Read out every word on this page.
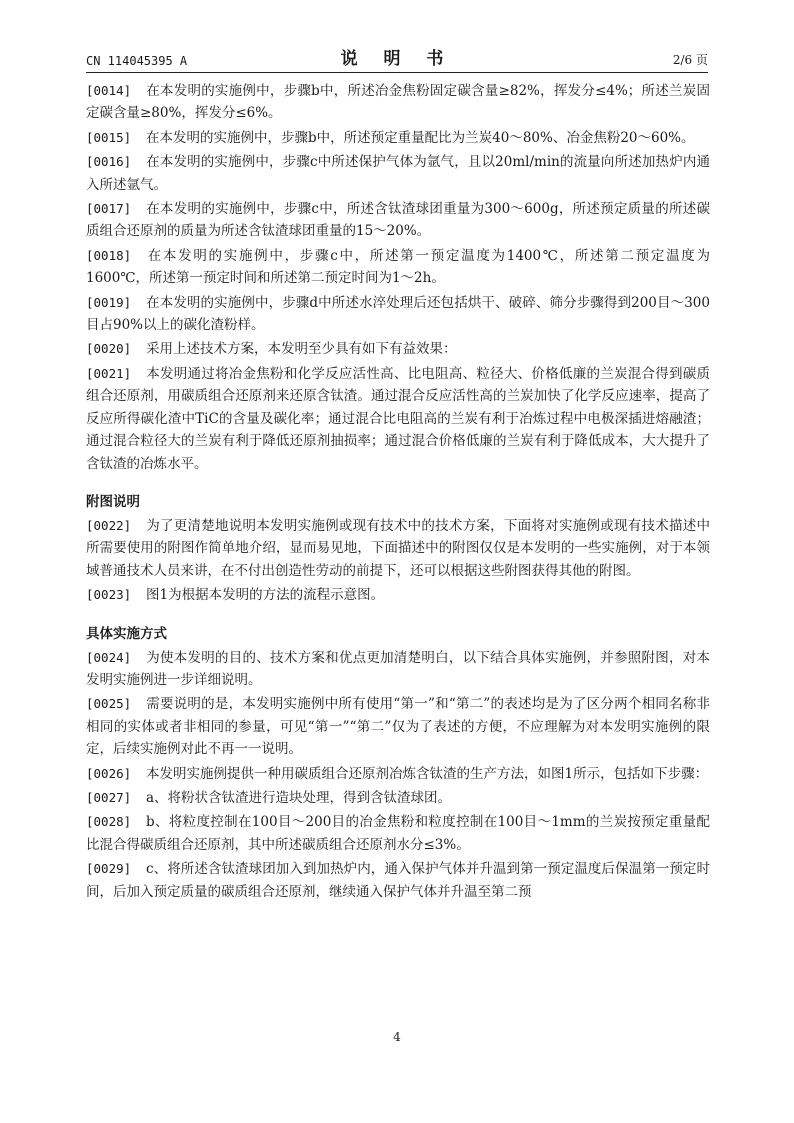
CN 114045395 A	说 明 书	2/6 页

[0014] 在本发明的实施例中，步骤b中，所述冶金焦粉固定碳含量≥82%，挥发分≤4%；所述兰炭固定碳含量≥80%，挥发分≤6%。

[0015] 在本发明的实施例中，步骤b中，所述预定重量配比为兰炭40～80%、冶金焦粉20～60%。

[0016] 在本发明的实施例中，步骤c中所述保护气体为氩气，且以20ml/min的流量向所述加热炉内通入所述氩气。

[0017] 在本发明的实施例中，步骤c中，所述含钛渣球团重量为300～600g，所述预定质量的所述碳质组合还原剂的质量为所述含钛渣球团重量的15～20%。

[0018] 在本发明的实施例中，步骤c中，所述第一预定温度为1400℃，所述第二预定温度为1600℃，所述第一预定时间和所述第二预定时间为1～2h。

[0019] 在本发明的实施例中，步骤d中所述水淬处理后还包括烘干、破碎、筛分步骤得到200目～300目占90%以上的碳化渣粉样。

[0020] 采用上述技术方案，本发明至少具有如下有益效果：

[0021] 本发明通过将冶金焦粉和化学反应活性高、比电阻高、粒径大、价格低廉的兰炭混合得到碳质组合还原剂，用碳质组合还原剂来还原含钛渣。通过混合反应活性高的兰炭加快了化学反应速率，提高了反应所得碳化渣中TiC的含量及碳化率；通过混合比电阻高的兰炭有利于冶炼过程中电极深插进熔融渣；通过混合粒径大的兰炭有利于降低还原剂抽损率；通过混合价格低廉的兰炭有利于降低成本，大大提升了含钛渣的冶炼水平。

附图说明

[0022] 为了更清楚地说明本发明实施例或现有技术中的技术方案，下面将对实施例或现有技术描述中所需要使用的附图作简单地介绍，显而易见地，下面描述中的附图仅仅是本发明的一些实施例，对于本领域普通技术人员来讲，在不付出创造性劳动的前提下，还可以根据这些附图获得其他的附图。

[0023] 图1为根据本发明的方法的流程示意图。

具体实施方式

[0024] 为使本发明的目的、技术方案和优点更加清楚明白，以下结合具体实施例，并参照附图，对本发明实施例进一步详细说明。

[0025] 需要说明的是，本发明实施例中所有使用“第一”和“第二”的表述均是为了区分两个相同名称非相同的实体或者非相同的参量，可见“第一”“第二”仅为了表述的方便，不应理解为对本发明实施例的限定，后续实施例对此不再一一说明。

[0026] 本发明实施例提供一种用碳质组合还原剂冶炼含钛渣的生产方法，如图1所示，包括如下步骤：

[0027] a、将粉状含钛渣进行造块处理，得到含钛渣球团。

[0028] b、将粒度控制在100目～200目的冶金焦粉和粒度控制在100目～1mm的兰炭按预定重量配比混合得碳质组合还原剂，其中所述碳质组合还原剂水分≤3%。

[0029] c、将所述含钛渣球团加入到加热炉内，通入保护气体并升温到第一预定温度后保温第一预定时间，后加入预定质量的碳质组合还原剂，继续通入保护气体并升温至第二预

4
